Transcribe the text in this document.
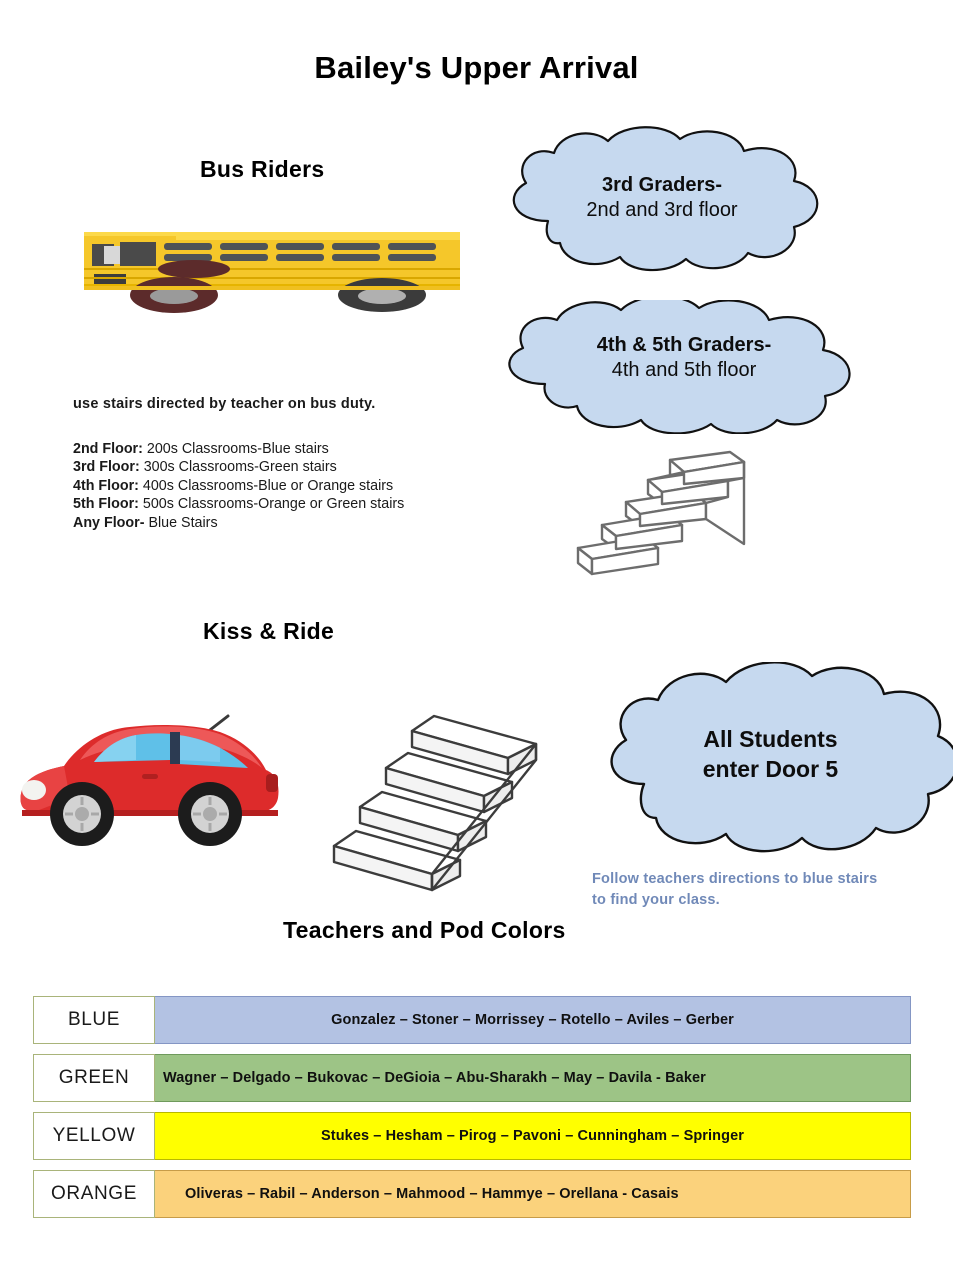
Bailey's Upper Arrival
Bus Riders
use stairs directed by teacher on bus duty.
2nd Floor: 200s Classrooms-Blue stairs
3rd Floor: 300s Classrooms-Green stairs
4th Floor: 400s Classrooms-Blue or Orange stairs
5th Floor: 500s Classrooms-Orange or Green stairs
Any Floor- Blue Stairs
3rd Graders-
2nd and 3rd floor
4th & 5th Graders-
4th and 5th floor
Kiss & Ride
All Students
enter Door 5
Follow teachers directions to blue stairs to find your class.
Teachers and Pod Colors
BLUE	Gonzalez – Stoner – Morrissey – Rotello – Aviles – Gerber
GREEN	Wagner – Delgado – Bukovac – DeGioia – Abu-Sharakh – May – Davila - Baker
YELLOW	Stukes – Hesham – Pirog – Pavoni – Cunningham – Springer
ORANGE	Oliveras – Rabil – Anderson – Mahmood – Hammye – Orellana - Casais
